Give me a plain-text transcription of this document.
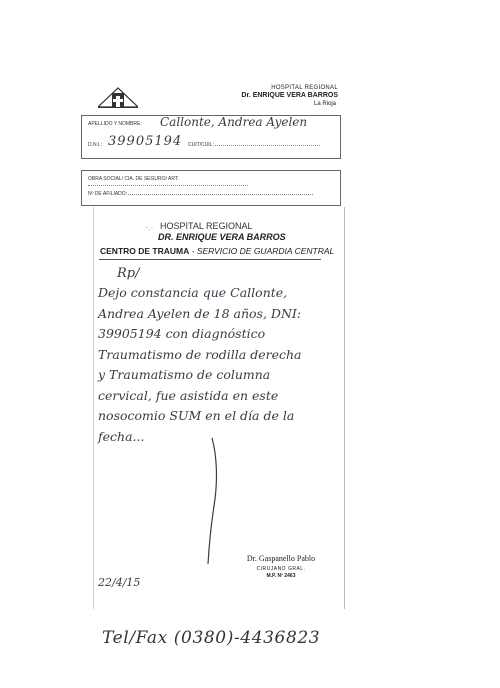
HOSPITAL REGIONAL
Dr. ENRIQUE VERA BARROS
La Rioja
APELLIDO Y NOMBRE: Callonte, Andrea Ayelen
D.N.I.: 39905194 CUIT/CUIL:
OBRA SOCIAL/ CIA. DE SEGURO/ ART:
Nº DE AFILIADO:
·.· HOSPITAL REGIONAL
DR. ENRIQUE VERA BARROS
CENTRO DE TRAUMA - SERVICIO DE GUARDIA CENTRAL
Rp/
Dejo constancia que Callonte,
Andrea Ayelen de 18 años, DNI:
39905194 con diagnóstico
Traumatismo de rodilla derecha
y Traumatismo de columna
cervical, fue asistida en este
nosocomio SUM en el día de la
fecha...
Dr. Gaspanello Pablo
CIRUJANO GRAL.
M.P. Nº 2463
22/4/15
Tel/Fax (0380)-4436823
